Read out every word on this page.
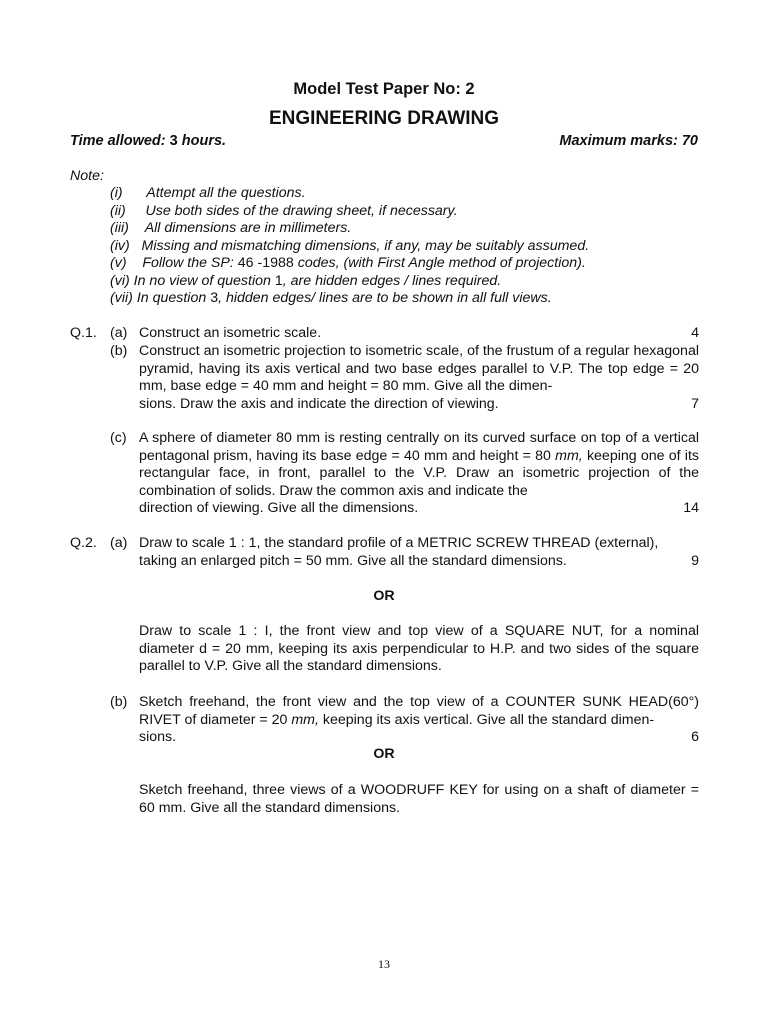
Model Test Paper No: 2
ENGINEERING DRAWING
Time allowed: 3 hours.	Maximum marks: 70
Note:
(i) Attempt all the questions.
(ii) Use both sides of the drawing sheet, if necessary.
(iii) All dimensions are in millimeters.
(iv) Missing and mismatching dimensions, if any, may be suitably assumed.
(v) Follow the SP: 46 -1988 codes, (with First Angle method of projection).
(vi) In no view of question 1, are hidden edges / lines required.
(vii) In question 3, hidden edges/ lines are to be shown in all full views.
Q.1. (a) Construct an isometric scale.	4
(b) Construct an isometric projection to isometric scale, of the frustum of a regular hexagonal pyramid, having its axis vertical and two base edges parallel to V.P. The top edge = 20 mm, base edge = 40 mm and height = 80 mm. Give all the dimen-
sions. Draw the axis and indicate the direction of viewing.	7
(c) A sphere of diameter 80 mm is resting centrally on its curved surface on top of a vertical pentagonal prism, having its base edge = 40 mm and height = 80 mm, keeping one of its rectangular face, in front, parallel to the V.P. Draw an isometric projection of the combination of solids. Draw the common axis and indicate the
direction of viewing. Give all the dimensions.	14
Q.2. (a) Draw to scale 1 : 1, the standard profile of a METRIC SCREW THREAD (external),
taking an enlarged pitch = 50 mm. Give all the standard dimensions.	9
OR
Draw to scale 1 : I, the front view and top view of a SQUARE NUT, for a nominal diameter d = 20 mm, keeping its axis perpendicular to H.P. and two sides of the square parallel to V.P. Give all the standard dimensions.
(b) Sketch freehand, the front view and the top view of a COUNTER SUNK HEAD(60°) RIVET of diameter = 20 mm, keeping its axis vertical. Give all the standard dimen-
sions.	6
OR
Sketch freehand, three views of a WOODRUFF KEY for using on a shaft of diameter = 60 mm. Give all the standard dimensions.
13
